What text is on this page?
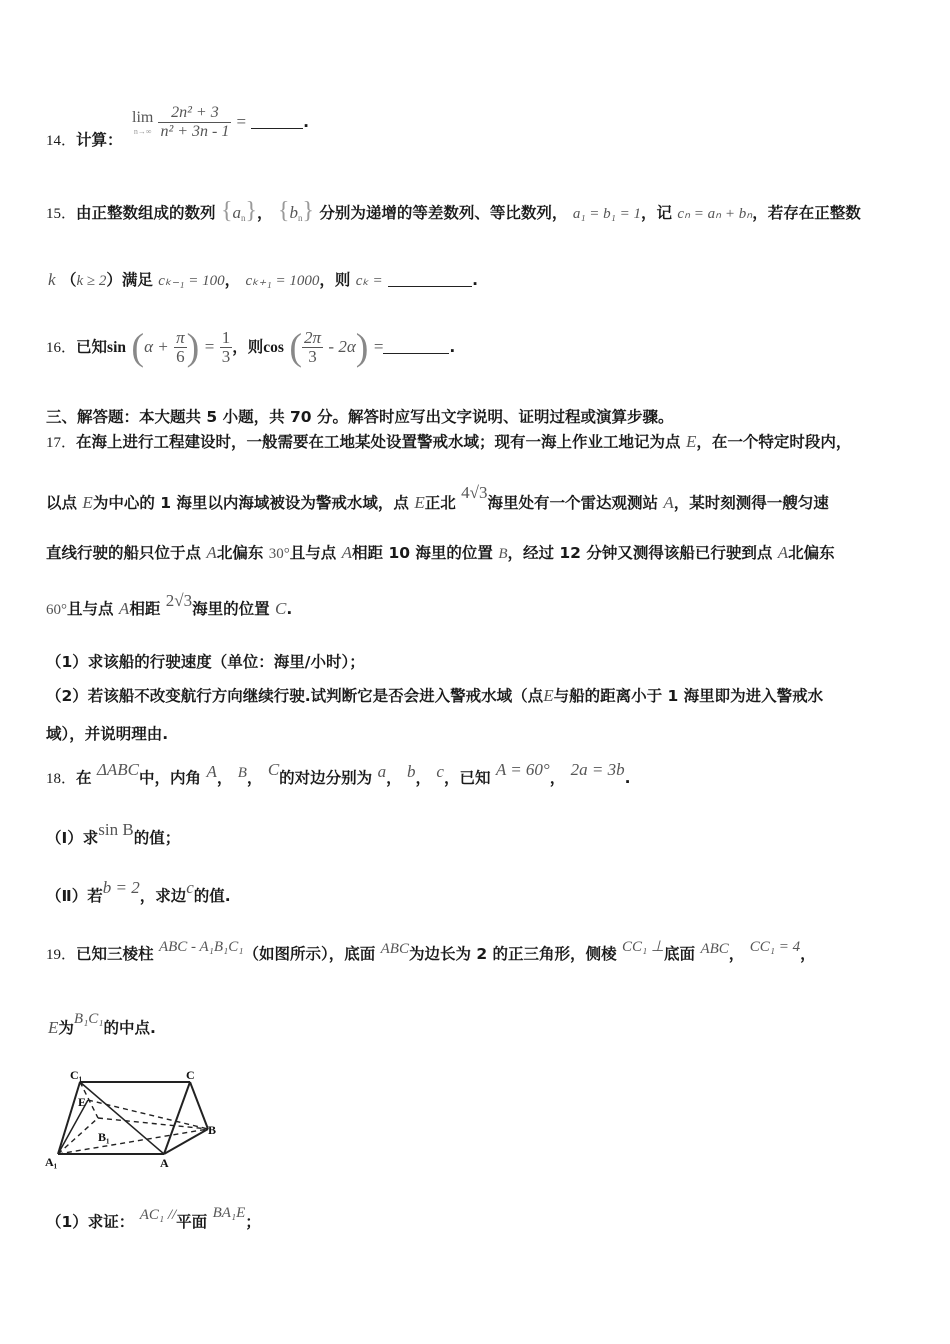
14．计算：
lim
n→∞
$\frac{\text{2n² + 3}}{\text{n² + 3n - 1}}$ =	.
15．由正整数组成的数列 $\{a_n\}$， $\{b_n\}$ 分别为递增的等差数列、等比数列， a₁ = b₁ = 1，记 cₙ = aₙ + bₙ，若存在正整数
k （k ≥ 2）满足 cₖ₋₁ = 100， cₖ₊₁ = 1000，则 cₖ =	.
16．已知$\sin (\alpha + \frac{\pi}{6}$ ) = $\frac{1}{3}$ ，则cos ( $\frac{2\pi}{3} - 2\alpha$) =	.
三、解答题：本大题共 5 小题，共 70 分。解答时应写出文字说明、证明过程或演算步骤。
17．在海上进行工程建设时，一般需要在工地某处设置警戒水域；现有一海上作业工地记为点 E，在一个特定时段内，
以点 E为中心的 1 海里以内海域被设为警戒水域，点 E正北 4√3海里处有一个雷达观测站 A，某时刻测得一艘匀速
直线行驶的船只位于点 A北偏东 30°且与点 A相距 10 海里的位置 B，经过 12 分钟又测得该船已行驶到点 A北偏东
60°且与点 A相距 2√3海里的位置 C.
（1）求该船的行驶速度（单位：海里/小时）；
（2）若该船不改变航行方向继续行驶.试判断它是否会进入警戒水域（点E与船的距离小于 1 海里即为进入警戒水
域），并说明理由.
18．在 ΔABC中，内角 A， B， C的对边分别为 a， b， c，已知 A = 60°， 2a = 3b.
（Ⅰ）求sin B的值；
（Ⅱ）若b = 2，求边c的值.
19．已知三棱柱 ABC - A₁B₁C₁（如图所示），底面 ABC为边长为 2 的正三角形，侧棱 CC₁ ⊥底面 ABC， CC₁ = 4，
E为B₁C₁的中点.
C₁	C
E
B₁	B
A₁	A
（1）求证： AC₁ //平面 BA₁E；
